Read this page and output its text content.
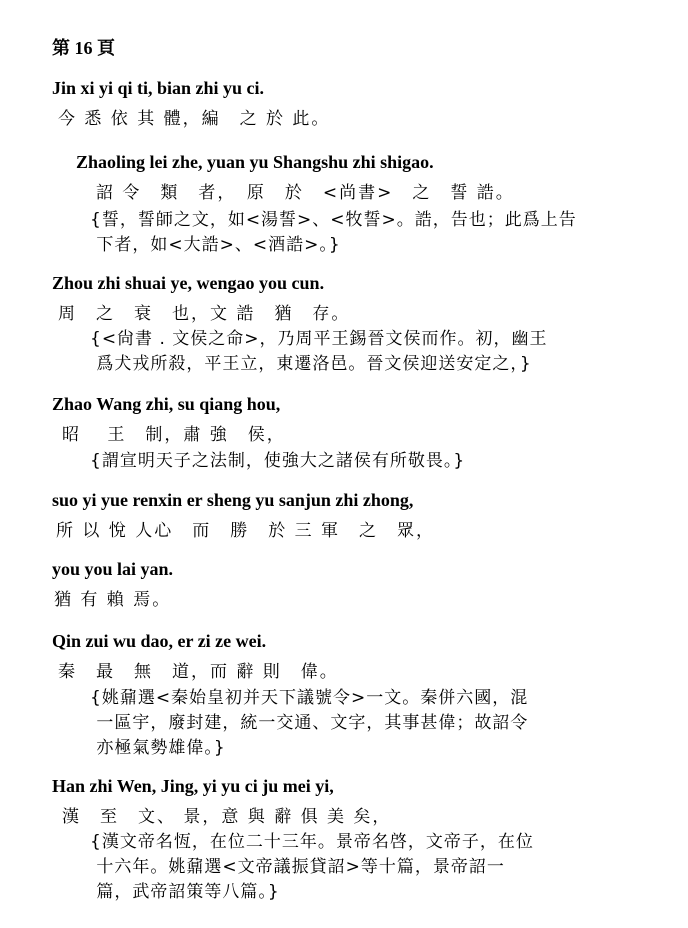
第 16 頁
Jin xi yi qi ti, bian zhi yu ci.
今 悉 依 其 體，編　之 於 此。
Zhaoling lei zhe, yuan yu Shangshu zhi shigao.
詔 令　類　者，　原　於　<尚書>　之　誓 誥。
{誓，誓師之文，如<湯誓>、<牧誓>。誥，告也；此爲上告
下者，如<大誥>、<酒誥>。}
Zhou zhi shuai ye, wengao you cun.
周　之　衰　也，文 誥　猶　存。
{<尙書 . 文侯之命>，乃周平王錫晉文侯而作。初，幽王
爲犬戎所殺，平王立，東遷洛邑。晉文侯迎送安定之，}
Zhao Wang zhi, su qiang hou,
昭　 王　制，肅 強　侯，
{謂宣明天子之法制，使強大之諸侯有所敬畏。}
suo yi yue renxin er sheng yu sanjun zhi zhong,
所 以 悅 人心　而　勝　於 三 軍　之　眾，
you you lai yan.
猶 有 賴 焉。
Qin zui wu dao, er zi ze wei.
秦　最　無　道，而 辭 則　偉。
{姚鼐選<秦始皇初并天下議號令>一文。秦併六國，混
一區宇，廢封建，統一交通、文字，其事甚偉；故詔令
亦極氣勢雄偉。}
Han zhi Wen, Jing, yi yu ci ju mei yi,
漢　至　文、 景，意 與 辭 俱 美 矣，
{漢文帝名恆，在位二十三年。景帝名啓，文帝子，在位
十六年。姚鼐選<文帝議振貸詔>等十篇，景帝詔一
篇，武帝詔策等八篇。}
